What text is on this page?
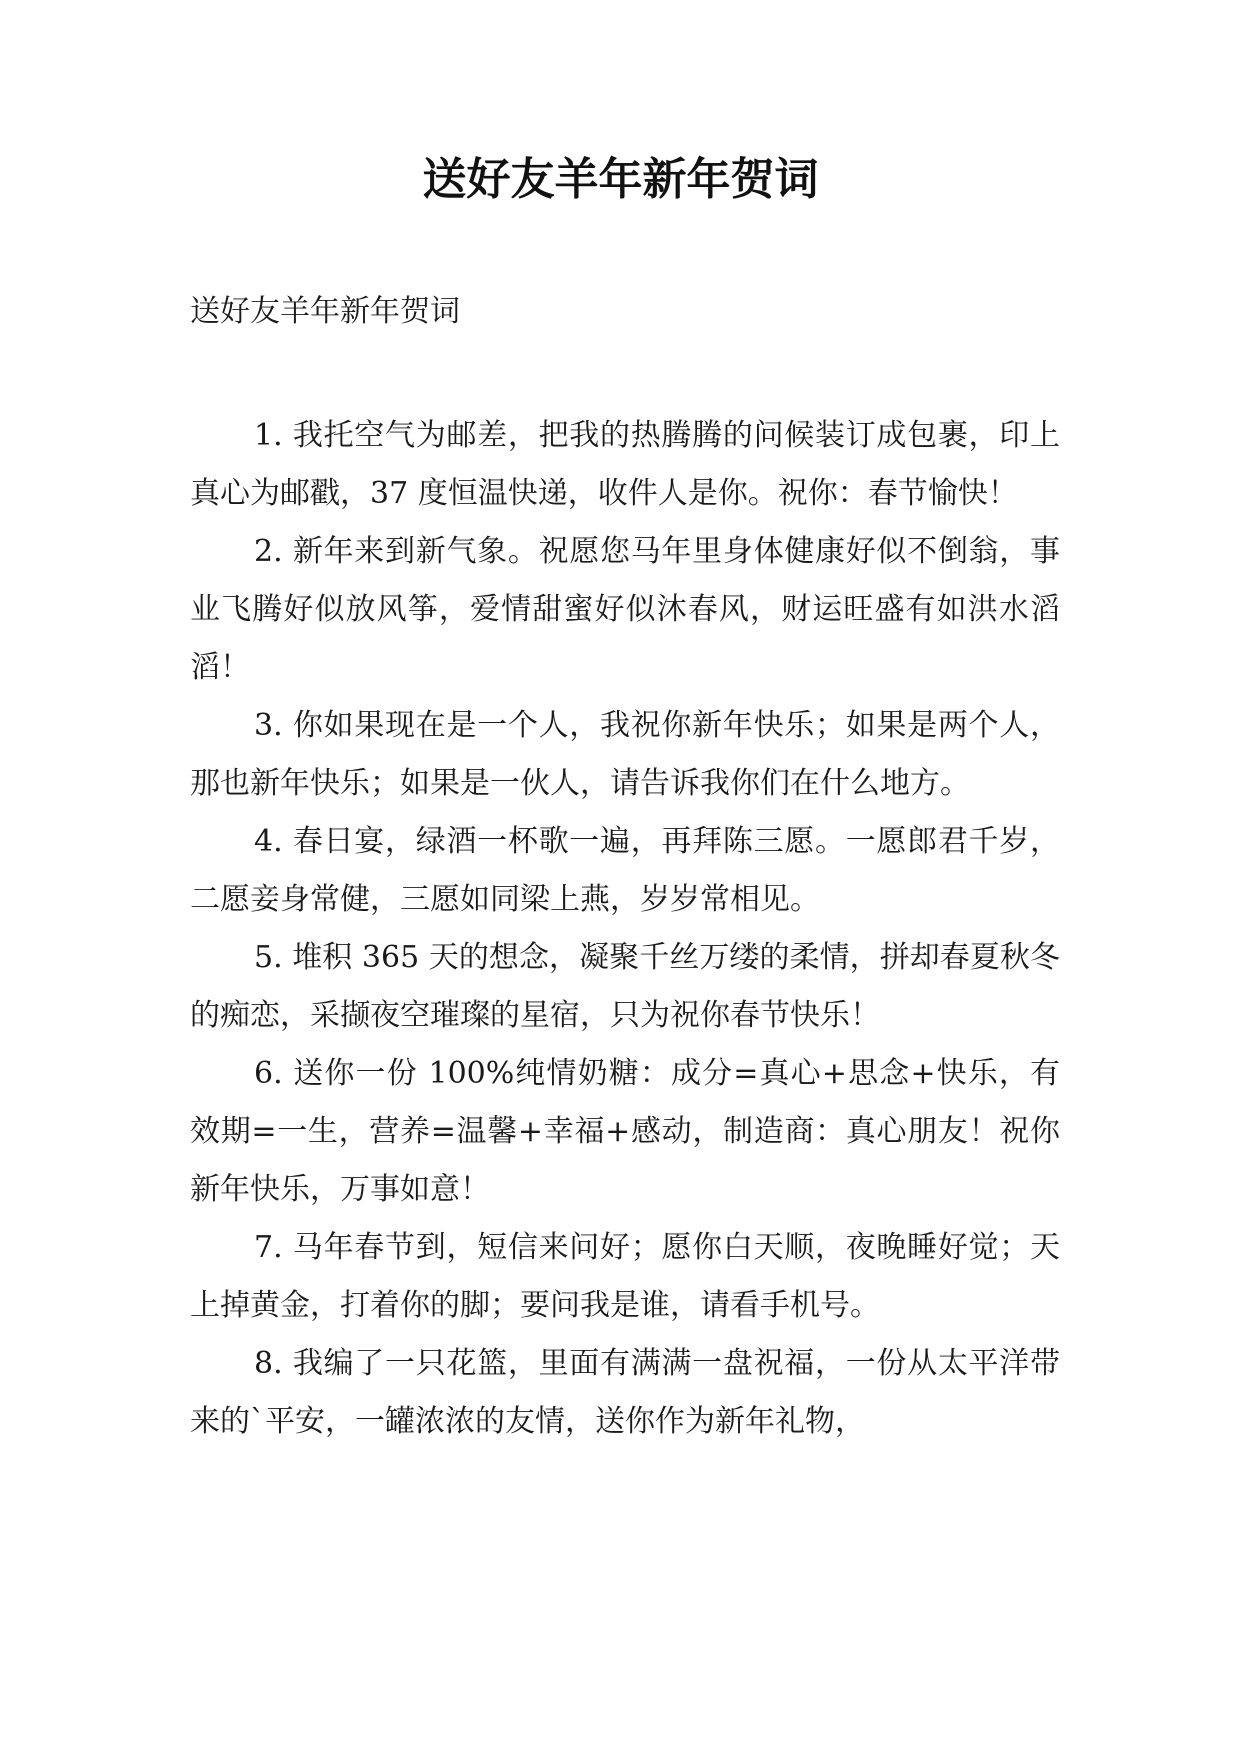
送好友羊年新年贺词

送好友羊年新年贺词

1. 我托空气为邮差，把我的热腾腾的问候装订成包裹，印上真心为邮戳，37 度恒温快递，收件人是你。祝你：春节愉快！

2. 新年来到新气象。祝愿您马年里身体健康好似不倒翁，事业飞腾好似放风筝，爱情甜蜜好似沐春风，财运旺盛有如洪水滔滔！

3. 你如果现在是一个人，我祝你新年快乐；如果是两个人，那也新年快乐；如果是一伙人，请告诉我你们在什么地方。

4. 春日宴，绿酒一杯歌一遍，再拜陈三愿。一愿郎君千岁，二愿妾身常健，三愿如同梁上燕，岁岁常相见。

5. 堆积 365 天的想念，凝聚千丝万缕的柔情，拼却春夏秋冬的痴恋，采撷夜空璀璨的星宿，只为祝你春节快乐！

6. 送你一份 100%纯情奶糖：成分=真心+思念+快乐，有效期=一生，营养=温馨+幸福+感动，制造商：真心朋友！祝你新年快乐，万事如意！

7. 马年春节到，短信来问好；愿你白天顺，夜晚睡好觉；天上掉黄金，打着你的脚；要问我是谁，请看手机号。

8. 我编了一只花篮，里面有满满一盘祝福，一份从太平洋带来的`平安，一罐浓浓的友情，送你作为新年礼物，
